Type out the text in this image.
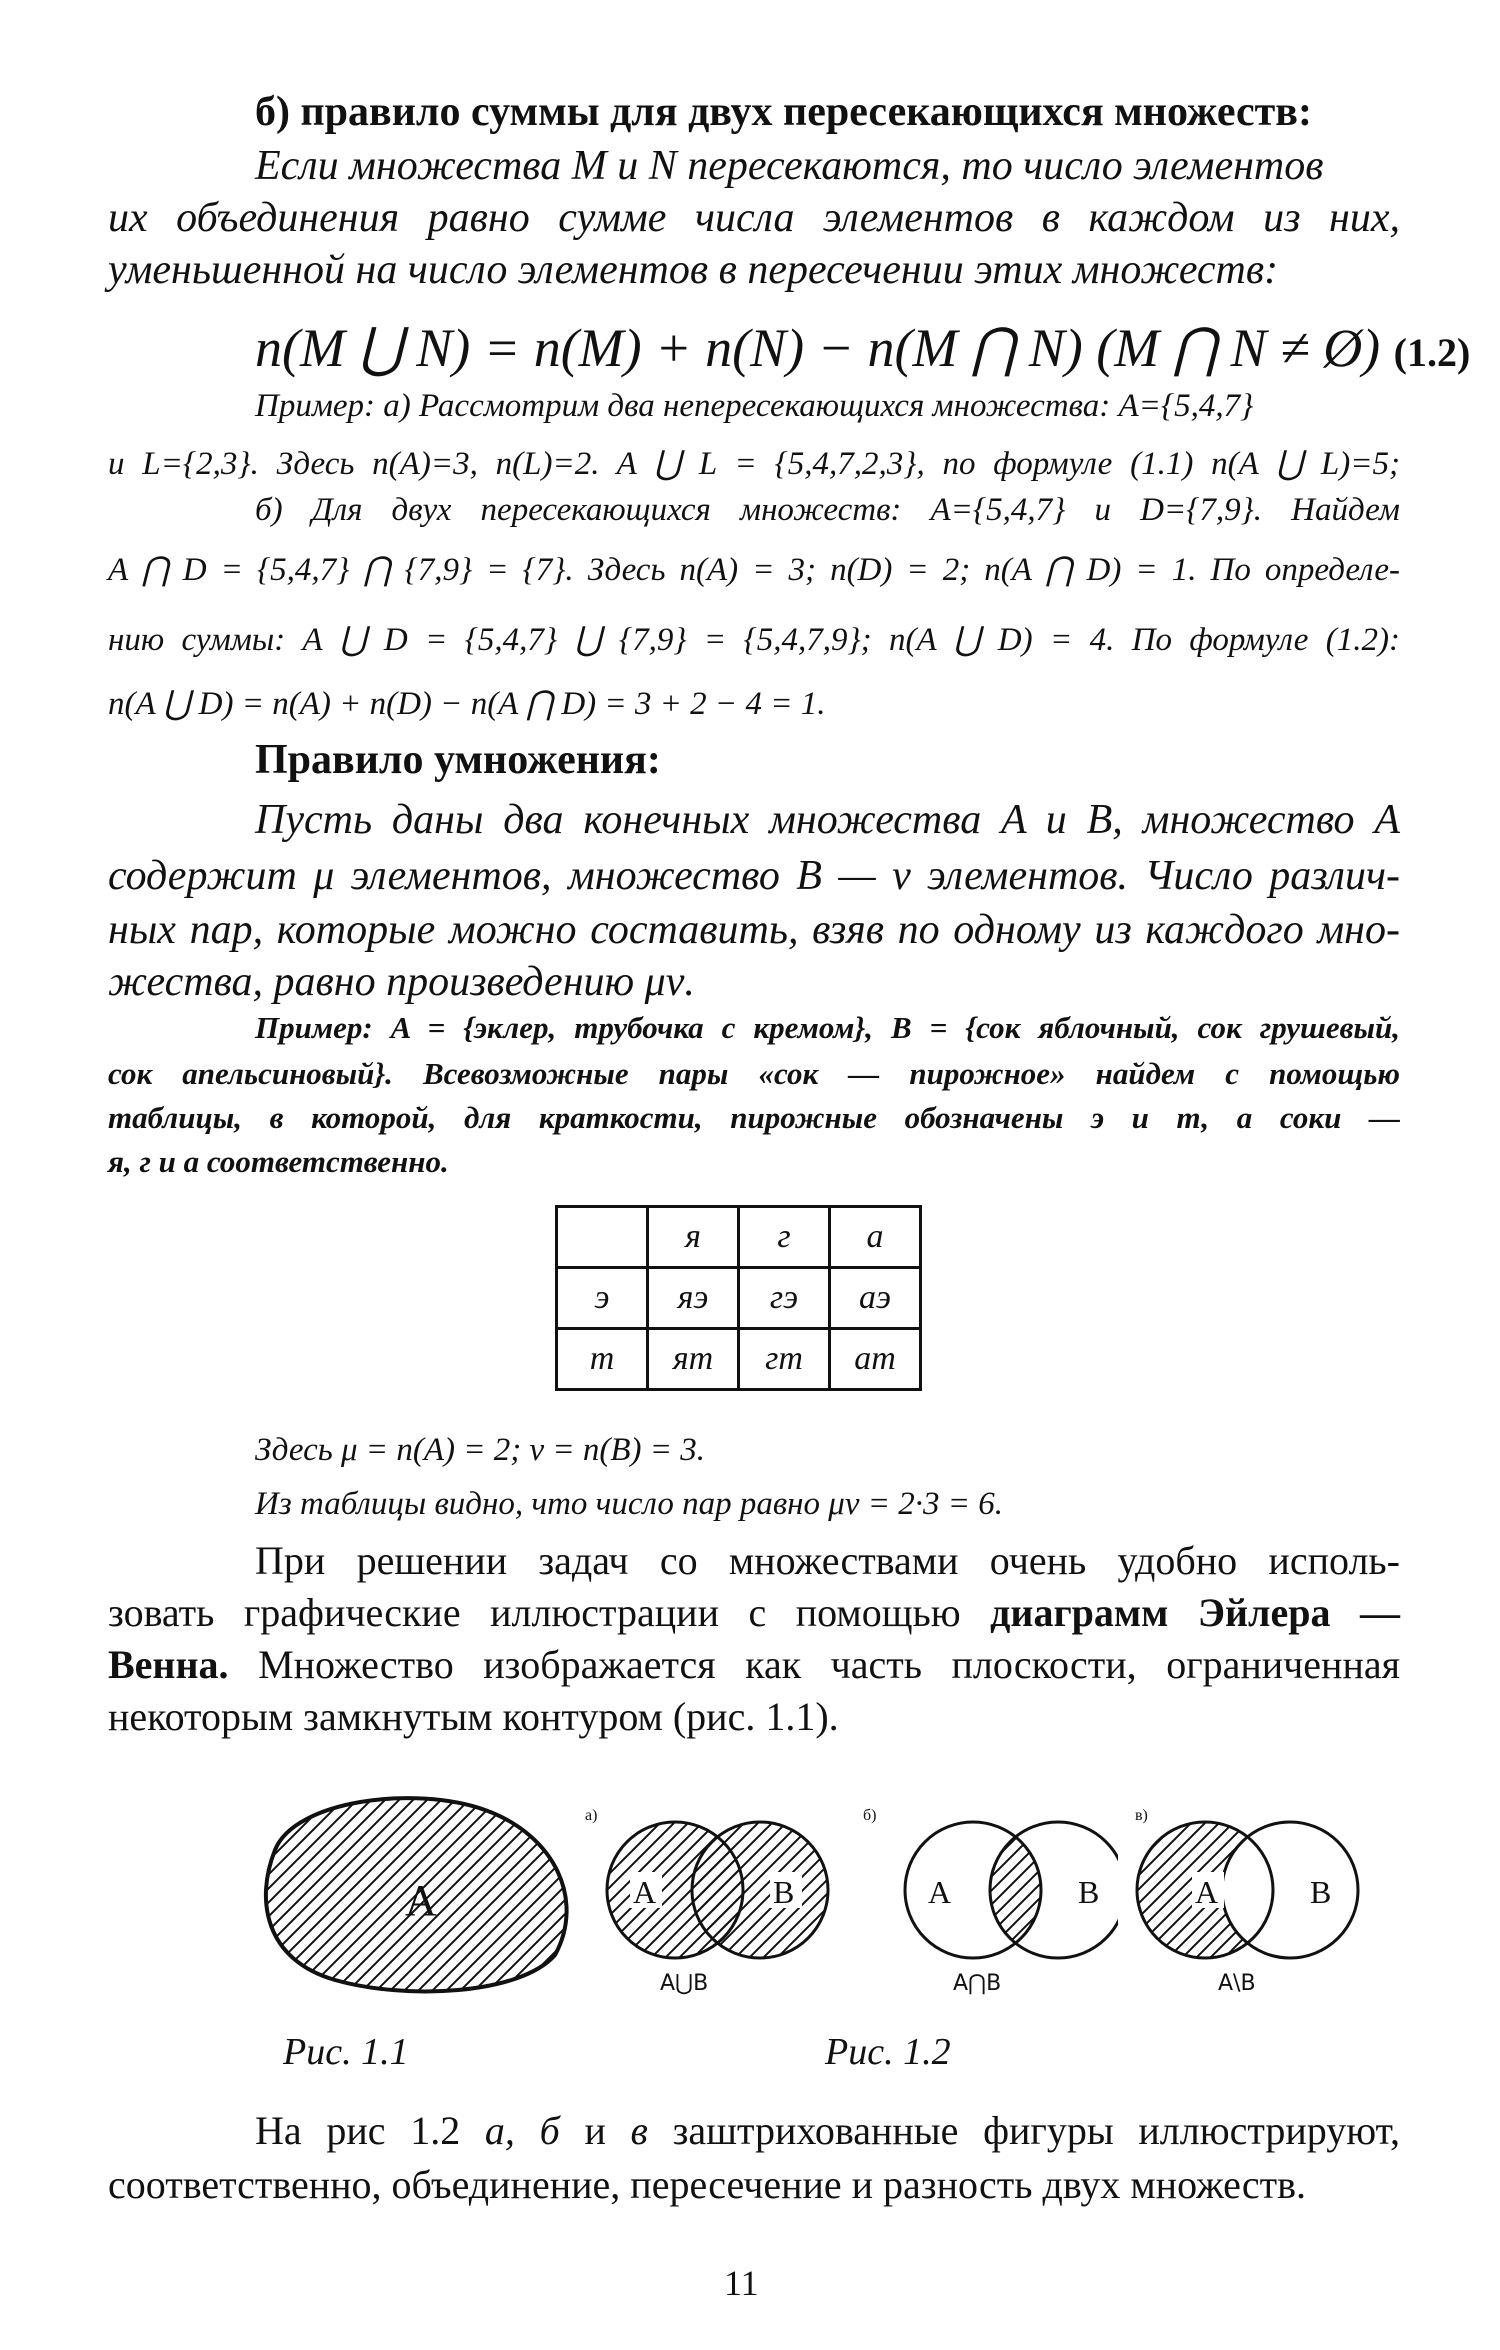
б) правило суммы для двух пересекающихся множеств:
Если множества M и N пересекаются, то число элементов
их объединения равно сумме числа элементов в каждом из них,
уменьшенной на число элементов в пересечении этих множеств:
n(M ⋃ N) = n(M) + n(N) − n(M ⋂ N) (M ⋂ N ≠ Ø) (1.2)
Пример: а) Рассмотрим два непересекающихся множества: A={5,4,7}
и L={2,3}. Здесь n(A)=3, n(L)=2. A ⋃ L = {5,4,7,2,3}, по формуле (1.1) n(A ⋃ L)=5;
б) Для двух пересекающихся множеств: A={5,4,7} и D={7,9}. Найдем
A ⋂ D = {5,4,7} ⋂ {7,9} = {7}. Здесь n(A) = 3; n(D) = 2; n(A ⋂ D) = 1. По определе-
нию суммы: A ⋃ D = {5,4,7} ⋃ {7,9} = {5,4,7,9}; n(A ⋃ D) = 4. По формуле (1.2):
n(A ⋃ D) = n(A) + n(D) − n(A ⋂ D) = 3 + 2 − 4 = 1.
Правило умножения:
Пусть даны два конечных множества A и B, множество A
содержит μ элементов, множество B — ν элементов. Число различ-
ных пар, которые можно составить, взяв по одному из каждого мно-
жества, равно произведению μν.
Пример: A = {эклер, трубочка с кремом}, B = {сок яблочный, сок грушевый,
сок апельсиновый}. Всевозможные пары «сок — пирожное» найдем с помощью
таблицы, в которой, для краткости, пирожные обозначены э и т, а соки —
я, г и а соответственно.
	я	г	а
э	яэ	гэ	аэ
т	ят	гт	ат
Здесь μ = n(A) = 2; ν = n(B) = 3.
Из таблицы видно, что число пар равно μν = 2·3 = 6.
При решении задач со множествами очень удобно исполь-
зовать графические иллюстрации с помощью диаграмм Эйлера —
Венна. Множество изображается как часть плоскости, ограниченная
некоторым замкнутым контуром (рис. 1.1).
A
а)
A	B
A⋃B
б)
A	B
A⋂B
A	B
A\B
Рис. 1.1	Рис. 1.2
На рис 1.2 а, б и в заштрихованные фигуры иллюстрируют,
соответственно, объединение, пересечение и разность двух множеств.
11
